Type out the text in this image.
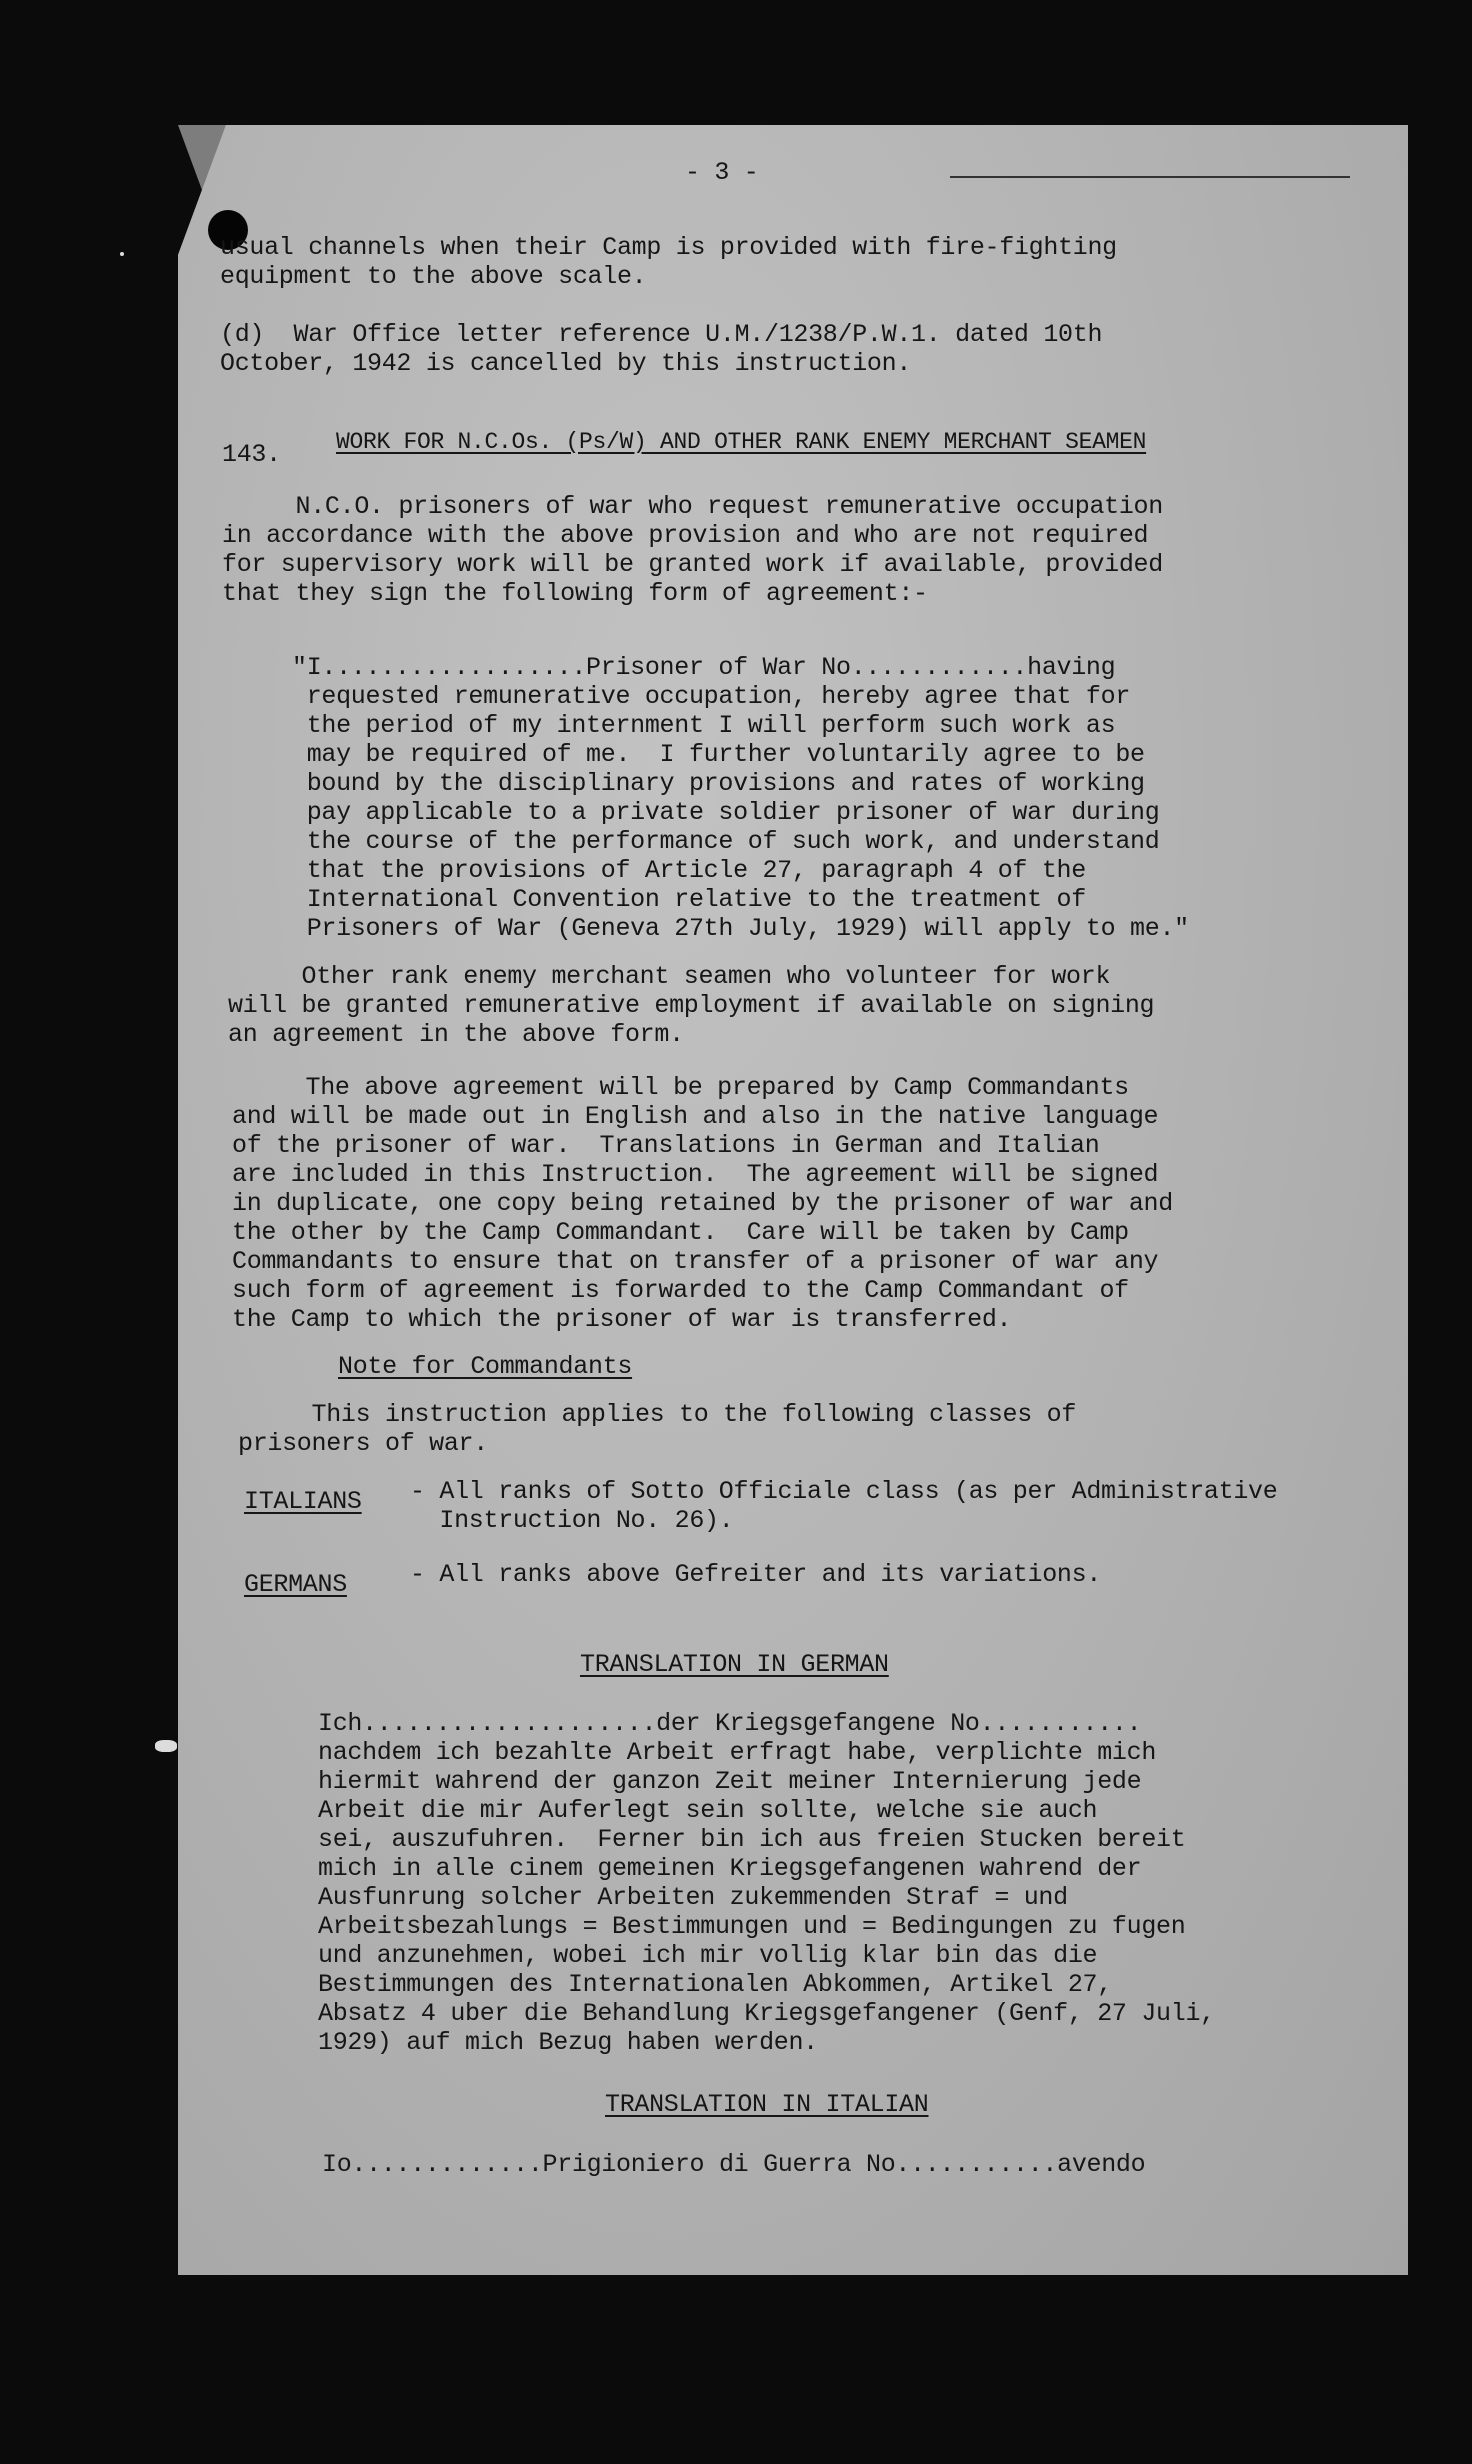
- 3 -

usual channels when their Camp is provided with fire-fighting

equipment to the above scale.

(d)  War Office letter reference U.M./1238/P.W.1. dated 10th

October, 1942 is cancelled by this instruction.

143. WORK FOR N.C.Os. (Ps/W) AND OTHER RANK ENEMY MERCHANT SEAMEN

N.C.O. prisoners of war who request remunerative occupation

in accordance with the above provision and who are not required

for supervisory work will be granted work if available, provided

that they sign the following form of agreement:-

"I..................Prisoner of War No............having

requested remunerative occupation, hereby agree that for

the period of my internment I will perform such work as

may be required of me.  I further voluntarily agree to be

bound by the disciplinary provisions and rates of working

pay applicable to a private soldier prisoner of war during

the course of the performance of such work, and understand

that the provisions of Article 27, paragraph 4 of the

International Convention relative to the treatment of

Prisoners of War (Geneva 27th July, 1929) will apply to me."

Other rank enemy merchant seamen who volunteer for work

will be granted remunerative employment if available on signing

an agreement in the above form.

The above agreement will be prepared by Camp Commandants

and will be made out in English and also in the native language

of the prisoner of war.  Translations in German and Italian

are included in this Instruction.  The agreement will be signed

in duplicate, one copy being retained by the prisoner of war and

the other by the Camp Commandant.  Care will be taken by Camp

Commandants to ensure that on transfer of a prisoner of war any

such form of agreement is forwarded to the Camp Commandant of

the Camp to which the prisoner of war is transferred.

Note for Commandants

This instruction applies to the following classes of

prisoners of war.

ITALIANS - All ranks of Sotto Officiale class (as per Administrative

Instruction No. 26).

GERMANS	- All ranks above Gefreiter and its variations.

TRANSLATION IN GERMAN

Ich....................der Kriegsgefangene No...........

nachdem ich bezahlte Arbeit erfragt habe, verplichte mich

hiermit wahrend der ganzon Zeit meiner Internierung jede

Arbeit die mir Auferlegt sein sollte, welche sie auch

sei, auszufuhren.  Ferner bin ich aus freien Stucken bereit

mich in alle cinem gemeinen Kriegsgefangenen wahrend der

Ausfunrung solcher Arbeiten zukemmenden Straf = und

Arbeitsbezahlungs = Bestimmungen und = Bedingungen zu fugen

und anzunehmen, wobei ich mir vollig klar bin das die

Bestimmungen des Internationalen Abkommen, Artikel 27,

Absatz 4 uber die Behandlung Kriegsgefangener (Genf, 27 Juli,

1929) auf mich Bezug haben werden.

TRANSLATION IN ITALIAN

Io.............Prigioniero di Guerra No...........avendo
